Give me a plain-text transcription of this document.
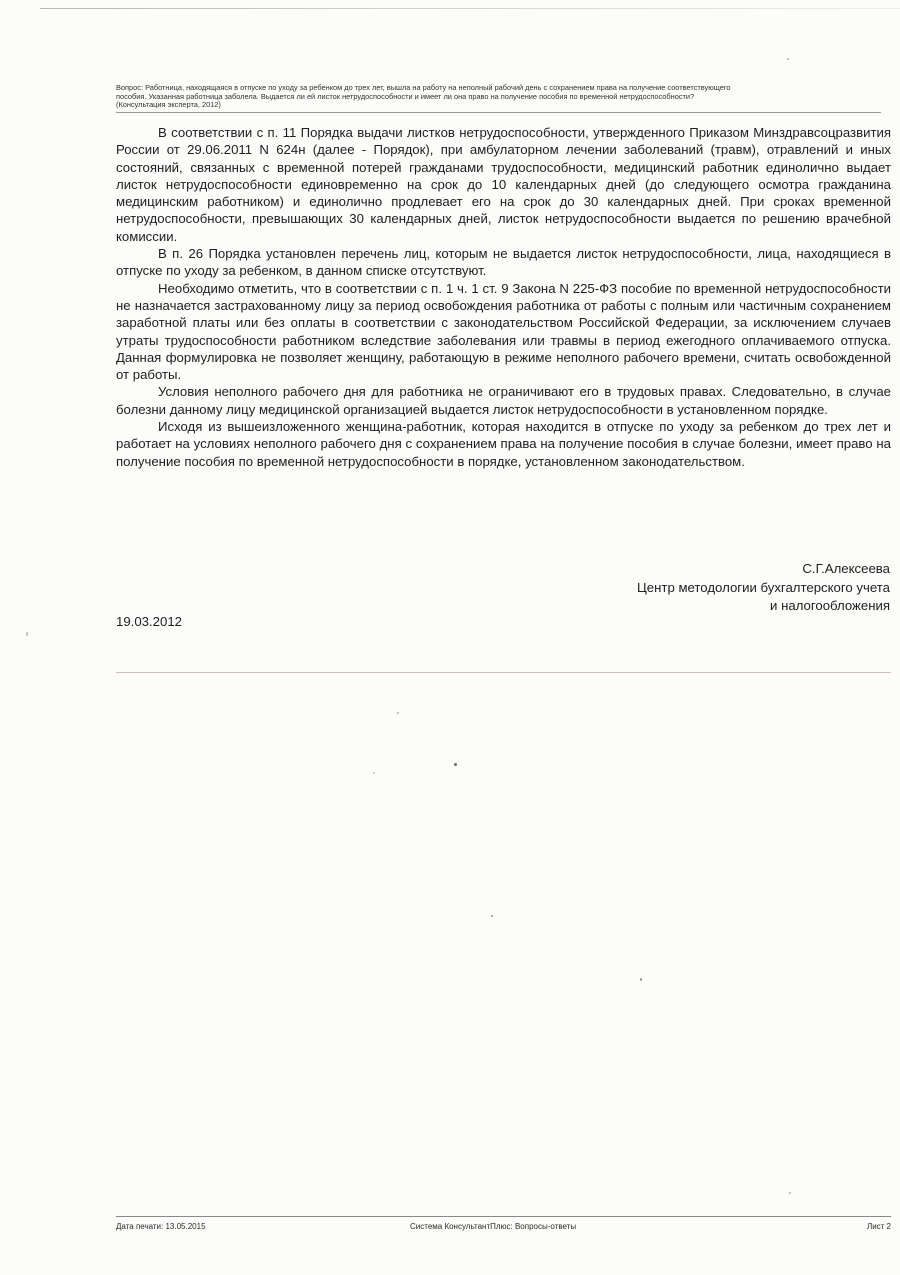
Вопрос: Работница, находящаяся в отпуске по уходу за ребенком до трех лет, вышла на работу на неполный рабочий день с сохранением права на получение соответствующего
пособия. Указанная работница заболела. Выдается ли ей листок нетрудоспособности и имеет ли она право на получение пособия по временной нетрудоспособности?
(Консультация эксперта, 2012)

В соответствии с п. 11 Порядка выдачи листков нетрудоспособности, утвержденного Приказом Минздравсоцразвития России от 29.06.2011 N 624н (далее - Порядок), при амбулаторном лечении заболеваний (травм), отравлений и иных состояний, связанных с временной потерей гражданами трудоспособности, медицинский работник единолично выдает листок нетрудоспособности единовременно на срок до 10 календарных дней (до следующего осмотра гражданина медицинским работником) и единолично продлевает его на срок до 30 календарных дней. При сроках временной нетрудоспособности, превышающих 30 календарных дней, листок нетрудоспособности выдается по решению врачебной комиссии.

В п. 26 Порядка установлен перечень лиц, которым не выдается листок нетрудоспособности, лица, находящиеся в отпуске по уходу за ребенком, в данном списке отсутствуют.

Необходимо отметить, что в соответствии с п. 1 ч. 1 ст. 9 Закона N 225-ФЗ пособие по временной нетрудоспособности не назначается застрахованному лицу за период освобождения работника от работы с полным или частичным сохранением заработной платы или без оплаты в соответствии с законодательством Российской Федерации, за исключением случаев утраты трудоспособности работником вследствие заболевания или травмы в период ежегодного оплачиваемого отпуска. Данная формулировка не позволяет женщину, работающую в режиме неполного рабочего времени, считать освобожденной от работы.

Условия неполного рабочего дня для работника не ограничивают его в трудовых правах. Следовательно, в случае болезни данному лицу медицинской организацией выдается листок нетрудоспособности в установленном порядке.

Исходя из вышеизложенного женщина-работник, которая находится в отпуске по уходу за ребенком до трех лет и работает на условиях неполного рабочего дня с сохранением права на получение пособия в случае болезни, имеет право на получение пособия по временной нетрудоспособности в порядке, установленном законодательством.

С.Г.Алексеева
Центр методологии бухгалтерского учета
и налогообложения
19.03.2012
Дата печати: 13.05.2015	Система КонсультантПлюс: Вопросы-ответы	Лист 2
